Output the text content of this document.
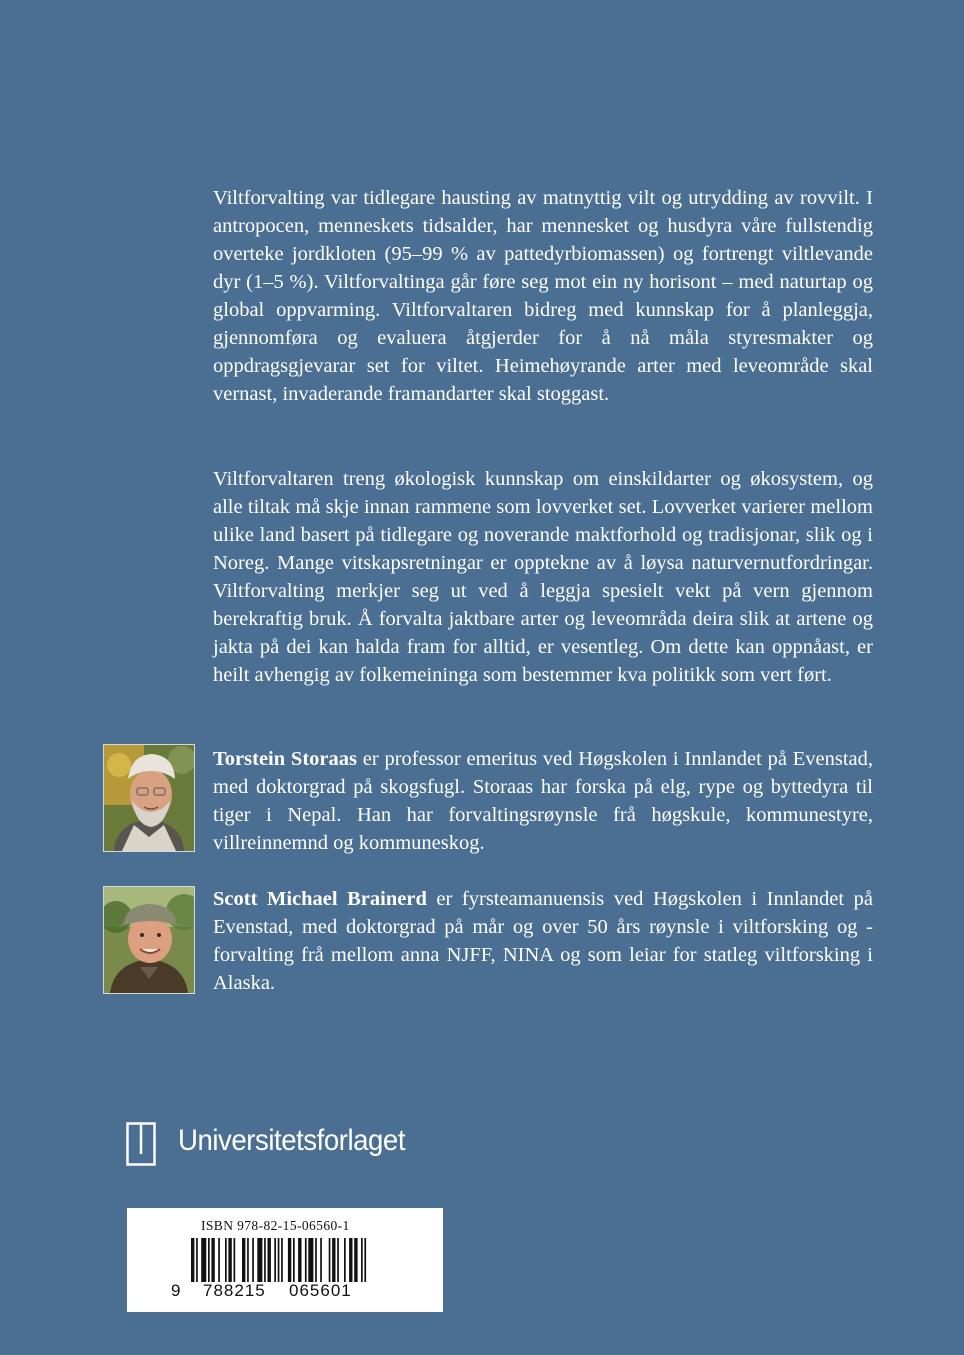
Viltforvalting var tidlegare hausting av matnyttig vilt og utrydding av rovvilt. I antropocen, menneskets tidsalder, har mennesket og husdyra våre fullstendig overteke jordkloten (95–99 % av pattedyrbiomassen) og fortrengt viltlevande dyr (1–5 %). Viltforvaltinga går føre seg mot ein ny horisont – med naturtap og global oppvarming. Viltforvaltaren bidreg med kunnskap for å planleggja, gjennomføra og evaluera åtgjerder for å nå måla styresmakter og oppdragsgjevarar set for viltet. Heimehøyrande arter med leveområde skal vernast, invaderande framandarter skal stoggast.

Viltforvaltaren treng økologisk kunnskap om einskildarter og økosystem, og alle tiltak må skje innan rammene som lovverket set. Lovverket varierer mellom ulike land basert på tidlegare og noverande maktforhold og tradisjonar, slik og i Noreg. Mange vitskapsretningar er opptekne av å løysa naturvernutfordringar. Viltforvalting merkjer seg ut ved å leggja spesielt vekt på vern gjennom berekraftig bruk. Å forvalta jaktbare arter og leveområda deira slik at artene og jakta på dei kan halda fram for alltid, er vesentleg. Om dette kan oppnåast, er heilt avhengig av folkemeininga som bestemmer kva politikk som vert ført.

Torstein Storaas er professor emeritus ved Høgskolen i Innlandet på Evenstad, med doktorgrad på skogsfugl. Storaas har forska på elg, rype og byttedyra til tiger i Nepal. Han har forvaltingsrøynsle frå høgskule, kommunestyre, villreinnemnd og kommuneskog.

Scott Michael Brainerd er fyrsteamanuensis ved Høgskolen i Innlandet på Evenstad, med doktorgrad på mår og over 50 års røynsle i viltforsking og -forvalting frå mellom anna NJFF, NINA og som leiar for statleg viltforsking i Alaska.

Universitetsforlaget
ISBN 978-82-15-06560-1
9 788215 065601
